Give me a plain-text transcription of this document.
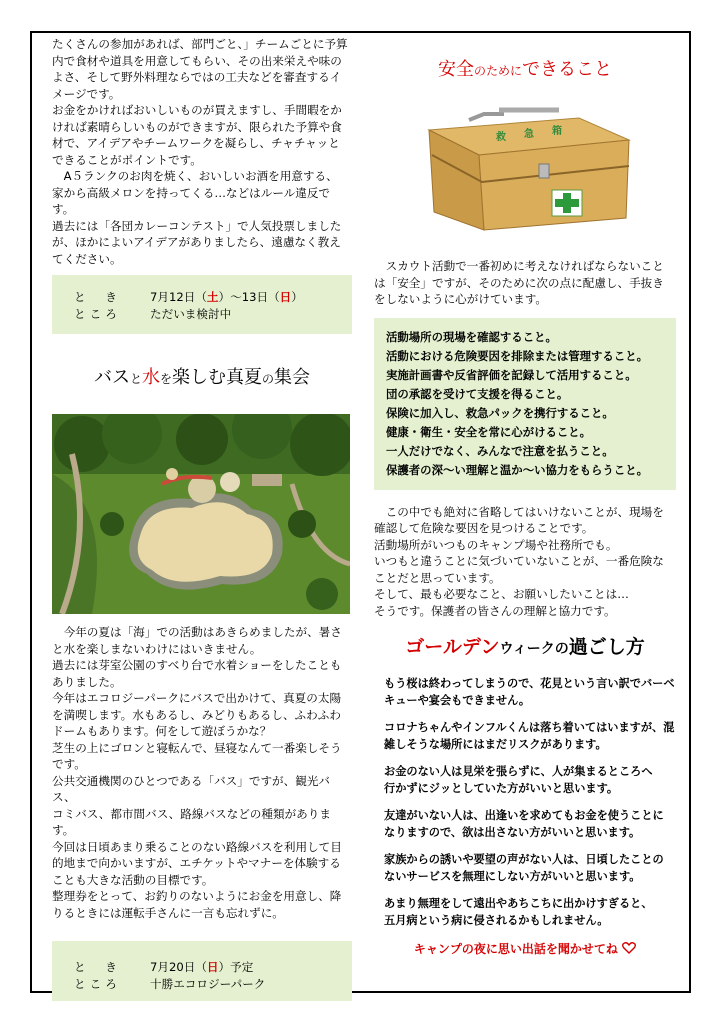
たくさんの参加があれば、部門ごと、」チームごとに予算

内で食材や道具を用意してもらい、その出来栄えや味の

よさ、そして野外料理ならではの工夫などを審査するイ

メージです。

お金をかければおいしいものが買えますし、手間暇をか

ければ素晴らしいものができますが、限られた予算や食

材で、アイデアやチームワークを凝らし、チャチャッと

できることがポイントです。

　A５ランクのお肉を焼く、おいしいお酒を用意する、

家から高級メロンを持ってくる…などはルール違反です。

過去には「各団カレーコンテスト」で人気投票しました

が、ほかによいアイデアがありましたら、遠慮なく教え

てください。

と　き	7月12日（土）～13日（日）
ところ	ただいま検討中
バスと水を楽しむ真夏の集会

　今年の夏は「海」での活動はあきらめましたが、暑さ

と水を楽しまないわけにはいきません。

過去には芽室公園のすべり台で水着ショーをしたことも

ありました。

今年はエコロジーパークにバスで出かけて、真夏の太陽

を満喫します。水もあるし、みどりもあるし、ふわふわ

ドームもあります。何をして遊ぼうかな？

芝生の上にゴロンと寝転んで、昼寝なんて一番楽しそう

です。

公共交通機関のひとつである「バス」ですが、観光バス、

コミバス、都市間バス、路線バスなどの種類があります。

今回は日頃あまり乗ることのない路線バスを利用して目

的地まで向かいますが、エチケットやマナーを体験する

ことも大きな活動の目標です。

整理券をとって、お釣りのないようにお金を用意し、降

りるときには運転手さんに一言も忘れずに。

と　き	7月20日（日）予定
ところ	十勝エコロジーパーク
安全のためにできること
救 急 箱

　スカウト活動で一番初めに考えなければならないこと

は「安全」ですが、そのために次の点に配慮し、手抜き

をしないように心がけています。

活動場所の現場を確認すること。
活動における危険要因を排除または管理すること。
実施計画書や反省評価を記録して活用すること。
団の承認を受けて支援を得ること。
保険に加入し、救急パックを携行すること。
健康・衛生・安全を常に心がけること。
一人だけでなく、みんなで注意を払うこと。
保護者の深～い理解と温か～い協力をもらうこと。

　この中でも絶対に省略してはいけないことが、現場を

確認して危険な要因を見つけることです。

活動場所がいつものキャンプ場や社務所でも。

いつもと違うことに気づいていないことが、一番危険な

ことだと思っています。

そして、最も必要なこと、お願いしたいことは…

そうです。保護者の皆さんの理解と協力です。

ゴールデンウィークの過ごし方

もう桜は終わってしまうので、花見という言い訳でバーベ
キューや宴会もできません。

コロナちゃんやインフルくんは落ち着いてはいますが、混
雑しそうな場所にはまだリスクがあります。

お金のない人は見栄を張らずに、人が集まるところへ
行かずにジッとしていた方がいいと思います。

友達がいない人は、出逢いを求めてもお金を使うことに
なりますので、欲は出さない方がいいと思います。

家族からの誘いや要望の声がない人は、日頃したことの
ないサービスを無理にしない方がいいと思います。

あまり無理をして遠出やあちこちに出かけすぎると、
五月病という病に侵されるかもしれません。

キャンプの夜に思い出話を聞かせてね
